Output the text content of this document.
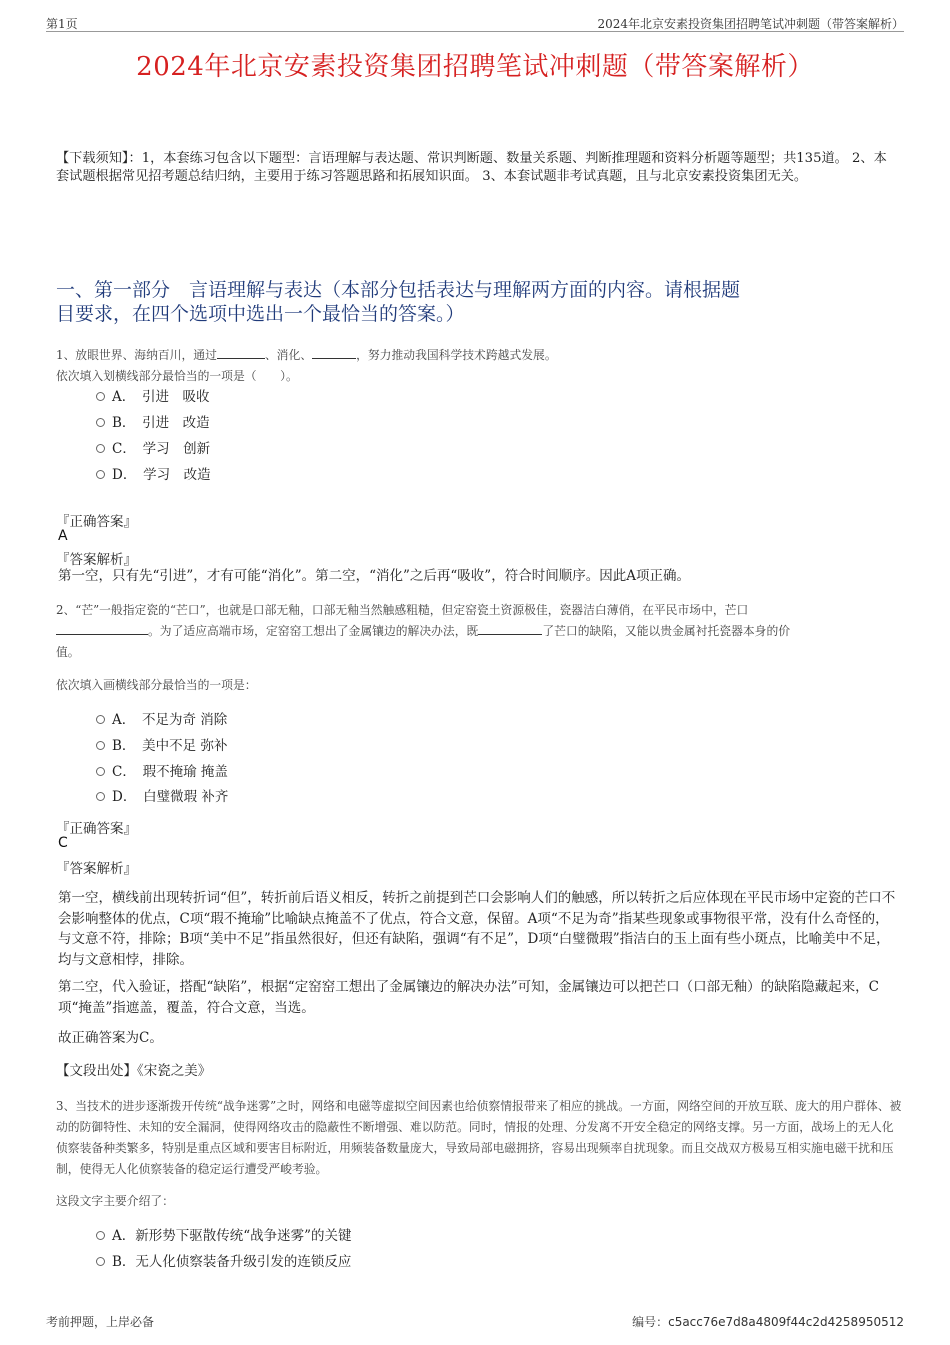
第1页	2024年北京安素投资集团招聘笔试冲刺题（带答案解析）
2024年北京安素投资集团招聘笔试冲刺题（带答案解析）
【下载须知】：1，本套练习包含以下题型：言语理解与表达题、常识判断题、数量关系题、判断推理题和资料分析题等题型；共135道。 2、本套试题根据常见招考题总结归纳，主要用于练习答题思路和拓展知识面。 3、本套试题非考试真题，且与北京安素投资集团无关。
一、第一部分　言语理解与表达（本部分包括表达与理解两方面的内容。请根据题
目要求，在四个选项中选出一个最恰当的答案。）
1、放眼世界、海纳百川，通过	、消化、	，努力推动我国科学技术跨越式发展。
依次填入划横线部分最恰当的一项是（　　）。
A．　引进　吸收
B．　引进　改造
C．　学习　创新
D．　学习　改造
『正确答案』
A
『答案解析』
第一空，只有先“引进”，才有可能“消化”。第二空，“消化”之后再“吸收”，符合时间顺序。因此A项正确。
2、“芒”一般指定瓷的“芒口”，也就是口部无釉，口部无釉当然触感粗糙，但定窑瓷土资源极佳，瓷器洁白薄俏，在平民市场中，芒口
。为了适应高端市场，定窑窑工想出了金属镶边的解决办法，既	了芒口的缺陷，又能以贵金属衬托瓷器本身的价
值。
依次填入画横线部分最恰当的一项是：
A．　不足为奇 消除
B．　美中不足 弥补
C．　瑕不掩瑜 掩盖
D．　白璧微瑕 补齐
『正确答案』
C
『答案解析』
第一空，横线前出现转折词“但”，转折前后语义相反，转折之前提到芒口会影响人们的触感，所以转折之后应体现在平民市场中定瓷的芒口不会影响整体的优点，C项“瑕不掩瑜”比喻缺点掩盖不了优点，符合文意，保留。A项“不足为奇”指某些现象或事物很平常，没有什么奇怪的，与文意不符，排除；B项“美中不足”指虽然很好，但还有缺陷，强调“有不足”，D项“白璧微瑕”指洁白的玉上面有些小斑点，比喻美中不足，均与文意相悖，排除。
第二空，代入验证，搭配“缺陷”，根据“定窑窑工想出了金属镶边的解决办法”可知，金属镶边可以把芒口（口部无釉）的缺陷隐藏起来，C项“掩盖”指遮盖，覆盖，符合文意，当选。
故正确答案为C。
【文段出处】《宋瓷之美》
3、当技术的进步逐渐拨开传统“战争迷雾”之时，网络和电磁等虚拟空间因素也给侦察情报带来了相应的挑战。一方面，网络空间的开放互联、庞大的用户群体、被动的防御特性、未知的安全漏洞，使得网络攻击的隐蔽性不断增强、难以防范。同时，情报的处理、分发离不开安全稳定的网络支撑。另一方面，战场上的无人化侦察装备种类繁多，特别是重点区域和要害目标附近，用频装备数量庞大，导致局部电磁拥挤，容易出现频率自扰现象。而且交战双方极易互相实施电磁干扰和压制，使得无人化侦察装备的稳定运行遭受严峻考验。
这段文字主要介绍了：
A．新形势下驱散传统“战争迷雾”的关键
B．无人化侦察装备升级引发的连锁反应
考前押题，上岸必备	编号：c5acc76e7d8a4809f44c2d4258950512
